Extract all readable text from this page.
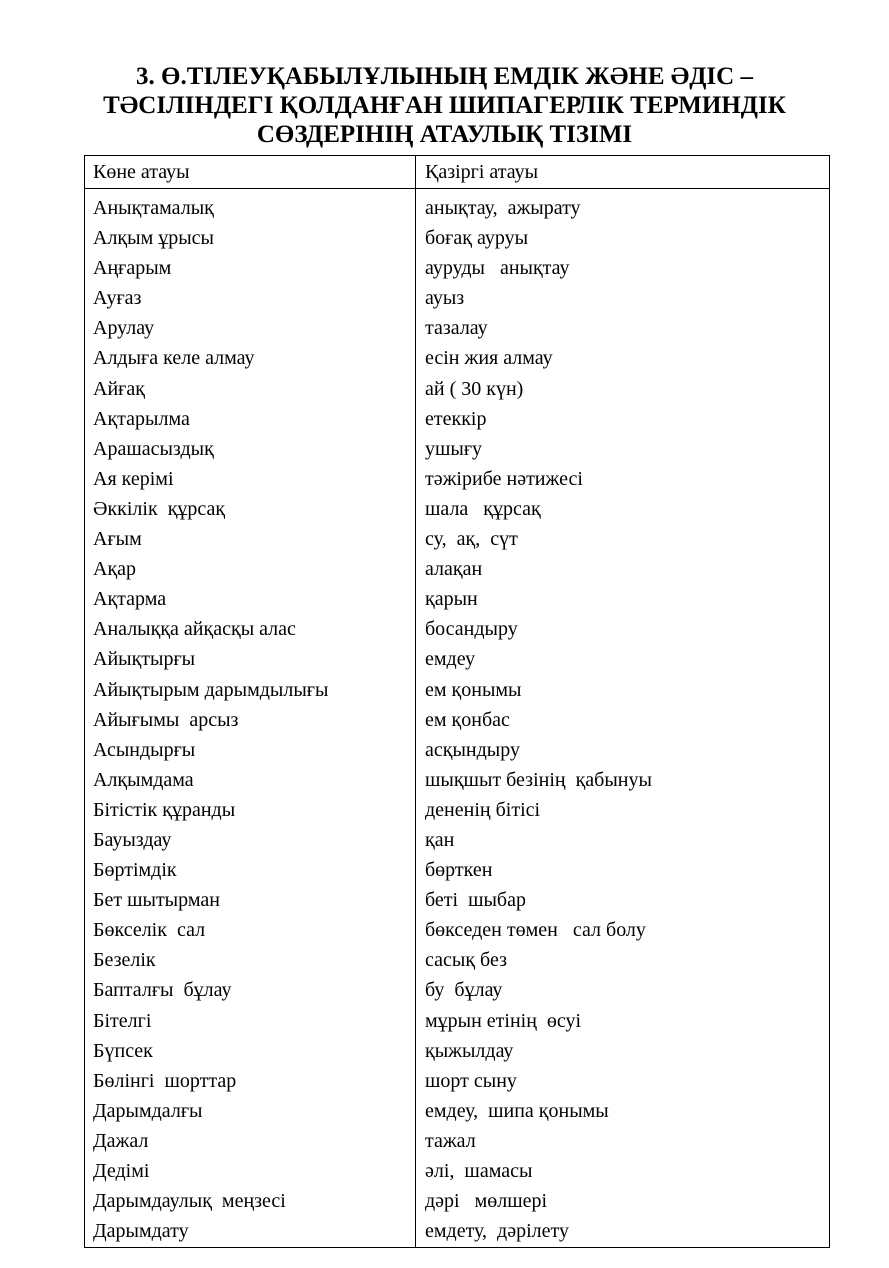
3. Ө.ТІЛЕУҚАБЫЛҰЛЫНЫҢ ЕМДІК ЖӘНЕ ӘДІС –
ТӘСІЛІНДЕГІ ҚОЛДАНҒАН ШИПАГЕРЛІК ТЕРМИНДІК
СӨЗДЕРІНІҢ АТАУЛЫҚ ТІЗІМІ
Көне атауы	Қазіргі атауы
Анықтамалық	анықтау,  ажырату
Алқым ұрысы	боғақ ауруы
Аңғарым	ауруды   анықтау
Ауғаз	ауыз
Арулау	тазалау
Алдыға келе алмау	есін жия алмау
Айғақ	ай ( 30 күн)
Ақтарылма	етеккір
Арашасыздық	ушығу
Ая керімі	тәжірибе нәтижесі
Әккілік  құрсақ	шала   құрсақ
Ағым	су,  ақ,  сүт
Ақар	алақан
Ақтарма	қарын
Аналыққа айқасқы алас	босандыру
Айықтырғы	емдеу
Айықтырым дарымдылығы	ем қонымы
Айығымы  арсыз	ем қонбас
Асындырғы	асқындыру
Алқымдама	шықшыт безінің  қабынуы
Бітістік құранды	дененің бітісі
Бауыздау	қан
Бөртімдік	бөрткен
Бет шытырман	беті  шыбар
Бөкселік  сал	бөкседен төмен   сал болу
Безелік	сасық без
Бапталғы  бұлау	бу  бұлау
Бітелгі	мұрын етінің  өсуі
Бүпсек	қыжылдау
Бөлінгі  шорттар	шорт сыну
Дарымдалғы	емдеу,  шипа қонымы
Дажал	тажал
Дедімі	әлі,  шамасы
Дарымдаулық  меңзесі	дәрі   мөлшері
Дарымдату	емдету,  дәрілету
